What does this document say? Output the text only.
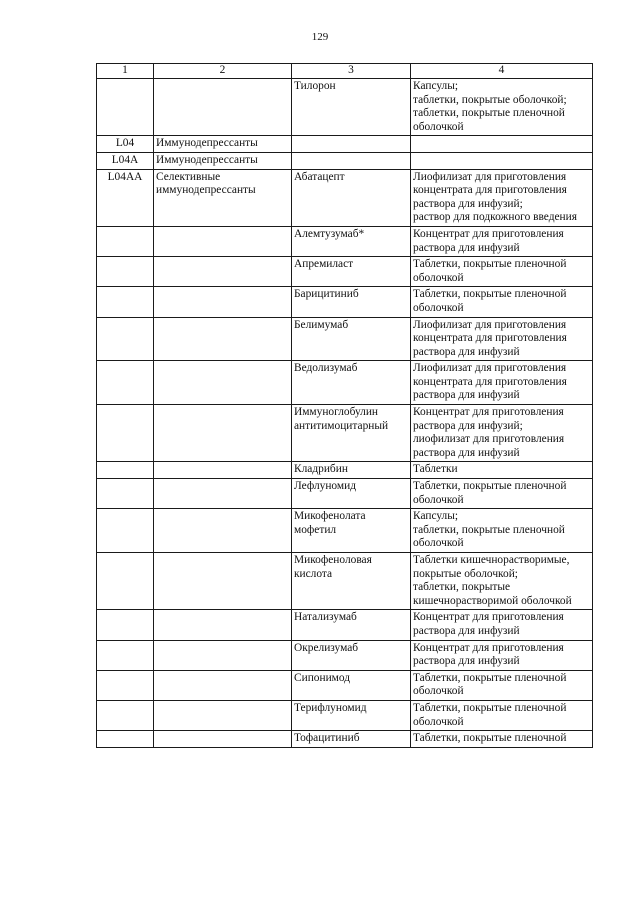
129
1	2	3	4
		Тилорон	Капсулы;
таблетки, покрытые оболочкой;
таблетки, покрытые пленочной оболочкой
L04	Иммунодепрессанты		
L04A	Иммунодепрессанты		
L04AA	Селективные иммунодепрессанты	Абатацепт	Лиофилизат для приготовления концентрата для приготовления раствора для инфузий;
раствор для подкожного введения
		Алемтузумаб*	Концентрат для приготовления раствора для инфузий
		Апремиласт	Таблетки, покрытые пленочной оболочкой
		Барицитиниб	Таблетки, покрытые пленочной оболочкой
		Белимумаб	Лиофилизат для приготовления концентрата для приготовления раствора для инфузий
		Ведолизумаб	Лиофилизат для приготовления концентрата для приготовления раствора для инфузий
		Иммуноглобулин антитимоцитарный	Концентрат для приготовления раствора для инфузий;
лиофилизат для приготовления раствора для инфузий
		Кладрибин	Таблетки
		Лефлуномид	Таблетки, покрытые пленочной оболочкой
		Микофенолата мофетил	Капсулы;
таблетки, покрытые пленочной оболочкой
		Микофеноловая кислота	Таблетки кишечнорастворимые, покрытые оболочкой;
таблетки, покрытые кишечнорастворимой оболочкой
		Натализумаб	Концентрат для приготовления раствора для инфузий
		Окрелизумаб	Концентрат для приготовления раствора для инфузий
		Сипонимод	Таблетки, покрытые пленочной оболочкой
		Терифлуномид	Таблетки, покрытые пленочной оболочкой
		Тофацитиниб	Таблетки, покрытые пленочной
